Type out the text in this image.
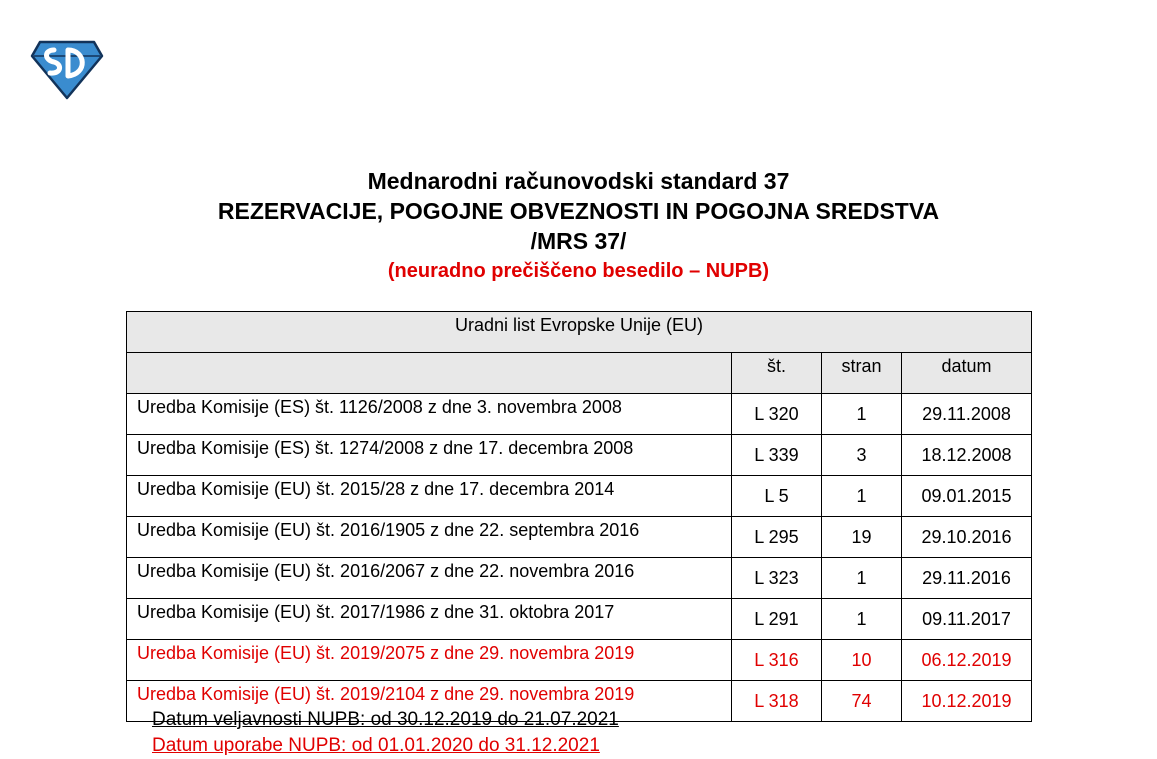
Mednarodni računovodski standard 37
REZERVACIJE, POGOJNE OBVEZNOSTI IN POGOJNA SREDSTVA
/MRS 37/
(neuradno prečiščeno besedilo – NUPB)
Uradni list Evropske Unije (EU)			
	št.	stran	datum
Uredba Komisije (ES) št. 1126/2008 z dne 3. novembra 2008	L 320	1	29.11.2008
Uredba Komisije (ES) št. 1274/2008 z dne 17. decembra 2008	L 339	3	18.12.2008
Uredba Komisije (EU) št. 2015/28 z dne 17. decembra 2014	L 5	1	09.01.2015
Uredba Komisije (EU) št. 2016/1905 z dne 22. septembra 2016	L 295	19	29.10.2016
Uredba Komisije (EU) št. 2016/2067 z dne 22. novembra 2016	L 323	1	29.11.2016
Uredba Komisije (EU) št. 2017/1986 z dne 31. oktobra 2017	L 291	1	09.11.2017
Uredba Komisije (EU) št. 2019/2075 z dne 29. novembra 2019	L 316	10	06.12.2019
Uredba Komisije (EU) št. 2019/2104 z dne 29. novembra 2019	L 318	74	10.12.2019
Datum veljavnosti NUPB: od 30.12.2019 do 21.07.2021
Datum uporabe NUPB: od 01.01.2020 do 31.12.2021
